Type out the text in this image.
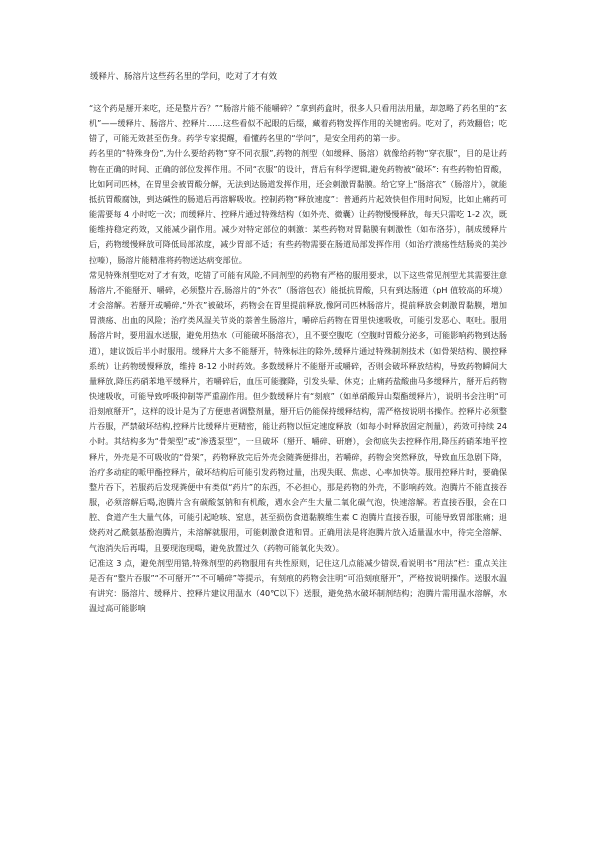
缓释片、肠溶片这些药名里的学问，吃对了才有效

“这个药是掰开来吃，还是整片吞？”“肠溶片能不能嚼碎？”拿到药盒时，很多人只看用法用量，却忽略了药名里的“玄机”——缓释片、肠溶片、控释片……这些看似不起眼的后缀，藏着药物发挥作用的关键密码。吃对了，药效翻倍；吃错了，可能无效甚至伤身。药学专家提醒，看懂药名里的“学问”，是安全用药的第一步。

药名里的“特殊身份”,为什么要给药物“穿不同衣服”,药物的剂型（如缓释、肠溶）就像给药物“穿衣服”，目的是让药物在正确的时间、正确的部位发挥作用。不同“衣服”的设计，背后有科学逻辑,避免药物被“破坏”: 有些药物怕胃酸，比如阿司匹林，在胃里会被胃酸分解，无法到达肠道发挥作用，还会刺激胃黏膜。给它穿上“肠溶衣”（肠溶片），就能抵抗胃酸腐蚀，到达碱性的肠道后再溶解吸收。控制药物“释放速度”：普通药片起效快但作用时间短，比如止痛药可能需要每 4 小时吃一次；而缓释片、控释片通过特殊结构（如外壳、微囊）让药物慢慢释放，每天只需吃 1-2 次，既能维持稳定药效，又能减少副作用。减少对特定部位的刺激：某些药物对胃黏膜有刺激性（如布洛芬），制成缓释片后，药物缓慢释放可降低局部浓度，减少胃部不适；有些药物需要在肠道局部发挥作用（如治疗溃疡性结肠炎的美沙拉嗪），肠溶片能精准将药物送达病变部位。

常见特殊剂型吃对了才有效，吃错了可能有风险,不同剂型的药物有严格的服用要求，以下这些常见剂型尤其需要注意肠溶片,不能掰开、嚼碎，必须整片吞,肠溶片的“外衣”（肠溶包衣）能抵抗胃酸，只有到达肠道（pH 值较高的环境）才会溶解。若掰开或嚼碎,“外衣”被破坏，药物会在胃里提前释放,像阿司匹林肠溶片，提前释放会刺激胃黏膜，增加胃溃疡、出血的风险；治疗类风湿关节炎的萘普生肠溶片，嚼碎后药物在胃里快速吸收，可能引发恶心、呕吐。服用肠溶片时，要用温水送服，避免用热水（可能破坏肠溶衣），且不要空腹吃（空腹时胃酸分泌多，可能影响药物到达肠道），建议饭后半小时服用。缓释片大多不能掰开，特殊标注的除外,缓释片通过特殊制剂技术（如骨架结构、膜控释系统）让药物缓慢释放，维持 8-12 小时药效。多数缓释片不能掰开或嚼碎，否则会破坏释放结构，导致药物瞬间大量释放,降压药硝苯地平缓释片，若嚼碎后，血压可能骤降，引发头晕、休克；止痛药盐酸曲马多缓释片，掰开后药物快速吸收，可能导致呼吸抑制等严重副作用。但少数缓释片有“刻痕”（如单硝酸异山梨酯缓释片），说明书会注明“可沿刻痕掰开”，这样的设计是为了方便患者调整剂量，掰开后仍能保持缓释结构，需严格按说明书操作。控释片必须整片吞服，严禁破坏结构,控释片比缓释片更精密，能让药物以恒定速度释放（如每小时释放固定剂量），药效可持续 24 小时。其结构多为“骨架型”或“渗透泵型”，一旦破坏（掰开、嚼碎、研磨），会彻底失去控释作用,降压药硝苯地平控释片，外壳是不可吸收的“骨架”，药物释放完后外壳会随粪便排出，若嚼碎，药物会突然释放，导致血压急剧下降，治疗多动症的哌甲酯控释片，破坏结构后可能引发药物过量，出现失眠、焦虑、心率加快等。服用控释片时，要确保整片吞下，若服药后发现粪便中有类似“药片”的东西，不必担心，那是药物的外壳，不影响药效。泡腾片不能直接吞服，必须溶解后喝,泡腾片含有碳酸氢钠和有机酸，遇水会产生大量二氧化碳气泡，快速溶解。若直接吞服，会在口腔、食道产生大量气体，可能引起呛咳、窒息，甚至损伤食道黏膜维生素 C 泡腾片直接吞服，可能导致胃部胀痛；退烧药对乙酰氨基酚泡腾片，未溶解就服用，可能刺激食道和胃。正确用法是将泡腾片放入适量温水中，待完全溶解、气泡消失后再喝，且要现泡现喝，避免放置过久（药物可能氧化失效）。

记准这 3 点，避免剂型用错,特殊剂型的药物服用有共性原则，记住这几点能减少错误,看说明书“用法”栏：重点关注是否有“整片吞服”“不可掰开”“不可嚼碎”等提示，有刻痕的药物会注明“可沿刻痕掰开”，严格按说明操作。送服水温有讲究：肠溶片、缓释片、控释片建议用温水（40℃以下）送服，避免热水破坏制剂结构；泡腾片需用温水溶解，水温过高可能影响
